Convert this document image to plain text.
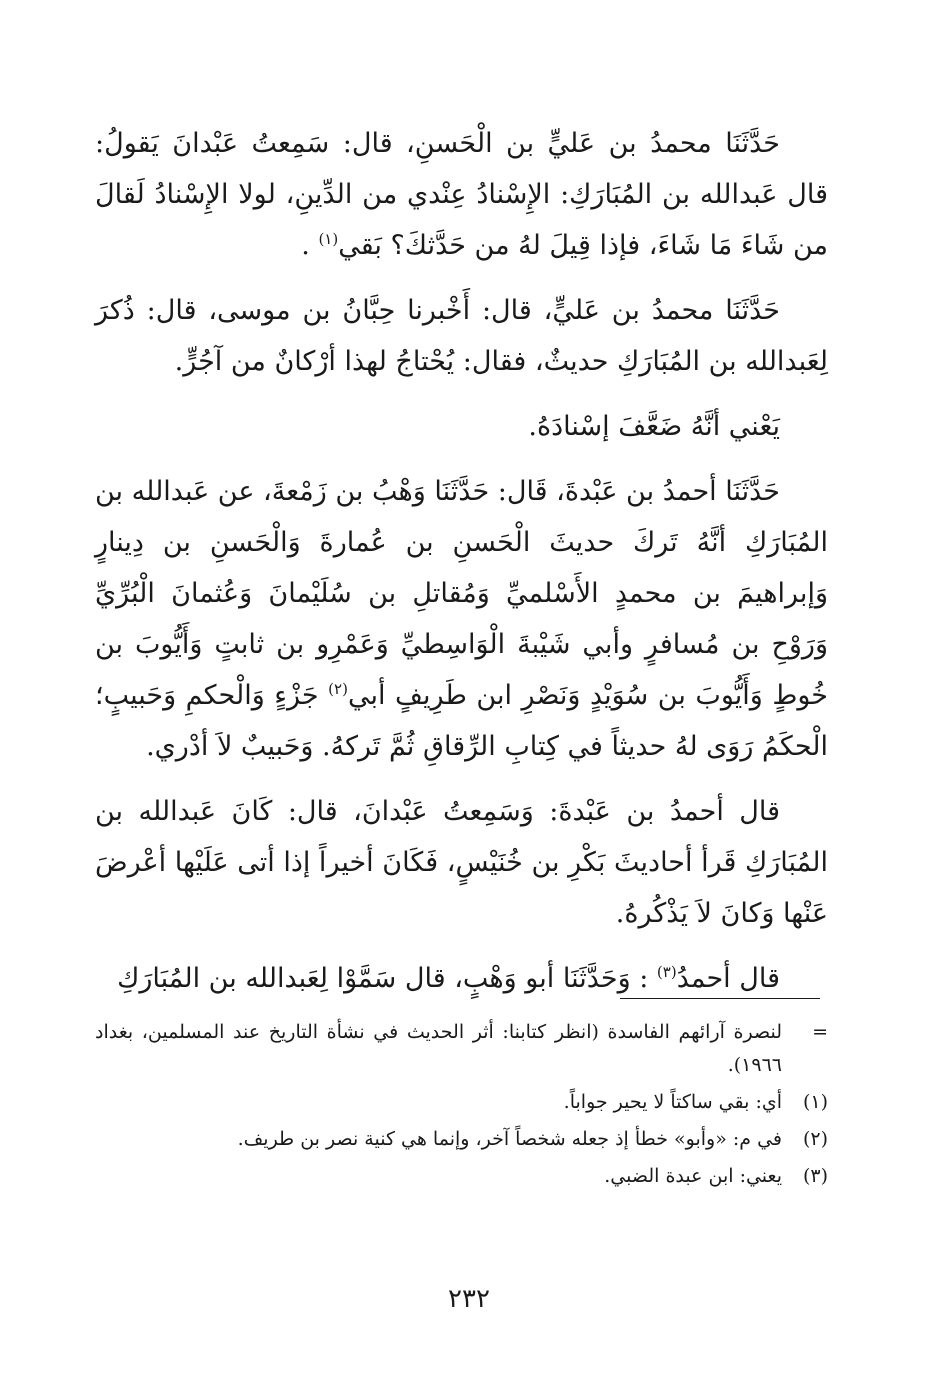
حَدَّثَنَا محمدُ بن عَليٍّ بن الْحَسنِ، قال: سَمِعتُ عَبْدانَ يَقولُ: قال عَبدالله بن المُبَارَكِ: الإِسْنادُ عِنْدي من الدِّينِ، لولا الإِسْنادُ لَقالَ من شَاءَ مَا شَاءَ، فإذا قِيلَ لهُ من حَدَّثكَ؟ بَقي$^{(١)}$ .

حَدَّثَنَا محمدُ بن عَليٍّ، قال: أَخْبرنا حِبَّانُ بن موسى، قال: ذُكرَ لِعَبدالله بن المُبَارَكِ حديثٌ، فقال: يُحْتاجُ لهذا أرْكانٌ من آجُرٍّ.

يَعْني أنَّهُ ضَعَّفَ إسْنادَهُ.

حَدَّثَنَا أحمدُ بن عَبْدةَ، قَال: حَدَّثَنَا وَهْبُ بن زَمْعةَ، عن عَبدالله بن المُبَارَكِ أنَّهُ تَركَ حديثَ الْحَسنِ بن عُمارةَ وَالْحَسنِ بن دِينارٍ وَإبراهيمَ بن محمدٍ الأَسْلميِّ وَمُقاتلِ بن سُلَيْمانَ وَعُثمانَ الْبُرِّيِّ وَرَوْحِ بن مُسافرٍ وأبي شَيْبةَ الْوَاسِطيِّ وَعَمْرِو بن ثابتٍ وَأَيُّوبَ بن خُوطٍ وَأَيُّوبَ بن سُوَيْدٍ وَنَصْرِ ابن طَرِيفٍ أبي$^{(٢)}$ جَزْءٍ وَالْحكمِ وَحَبيبٍ؛ الْحكَمُ رَوَى لهُ حديثاً في كِتابِ الرِّقاقِ ثُمَّ تَركهُ. وَحَبيبٌ لاَ أدْري.

قال أحمدُ بن عَبْدةَ: وَسَمِعتُ عَبْدانَ، قال: كَانَ عَبدالله بن المُبَارَكِ قَرأ أحاديثَ بَكْرِ بن خُنَيْسٍ، فَكَانَ أخيراً إذا أتى عَلَيْها أعْرضَ عَنْها وَكانَ لاَ يَذْكُرهُ.

قال أحمدُ$^{(٣)}$ : وَحَدَّثَنَا أبو وَهْبٍ، قال سَمَّوْا لِعَبدالله بن المُبَارَكِ

=
لنصرة آرائهم الفاسدة (انظر كتابنا: أثر الحديث في نشأة التاريخ عند المسلمين، بغداد ١٩٦٦).
(١)
أي: بقي ساكتاً لا يحير جواباً.
(٢)
في م: «وأبو» خطأ إذ جعله شخصاً آخر، وإنما هي كنية نصر بن طريف.
(٣)
يعني: ابن عبدة الضبي.
٢٣٢
